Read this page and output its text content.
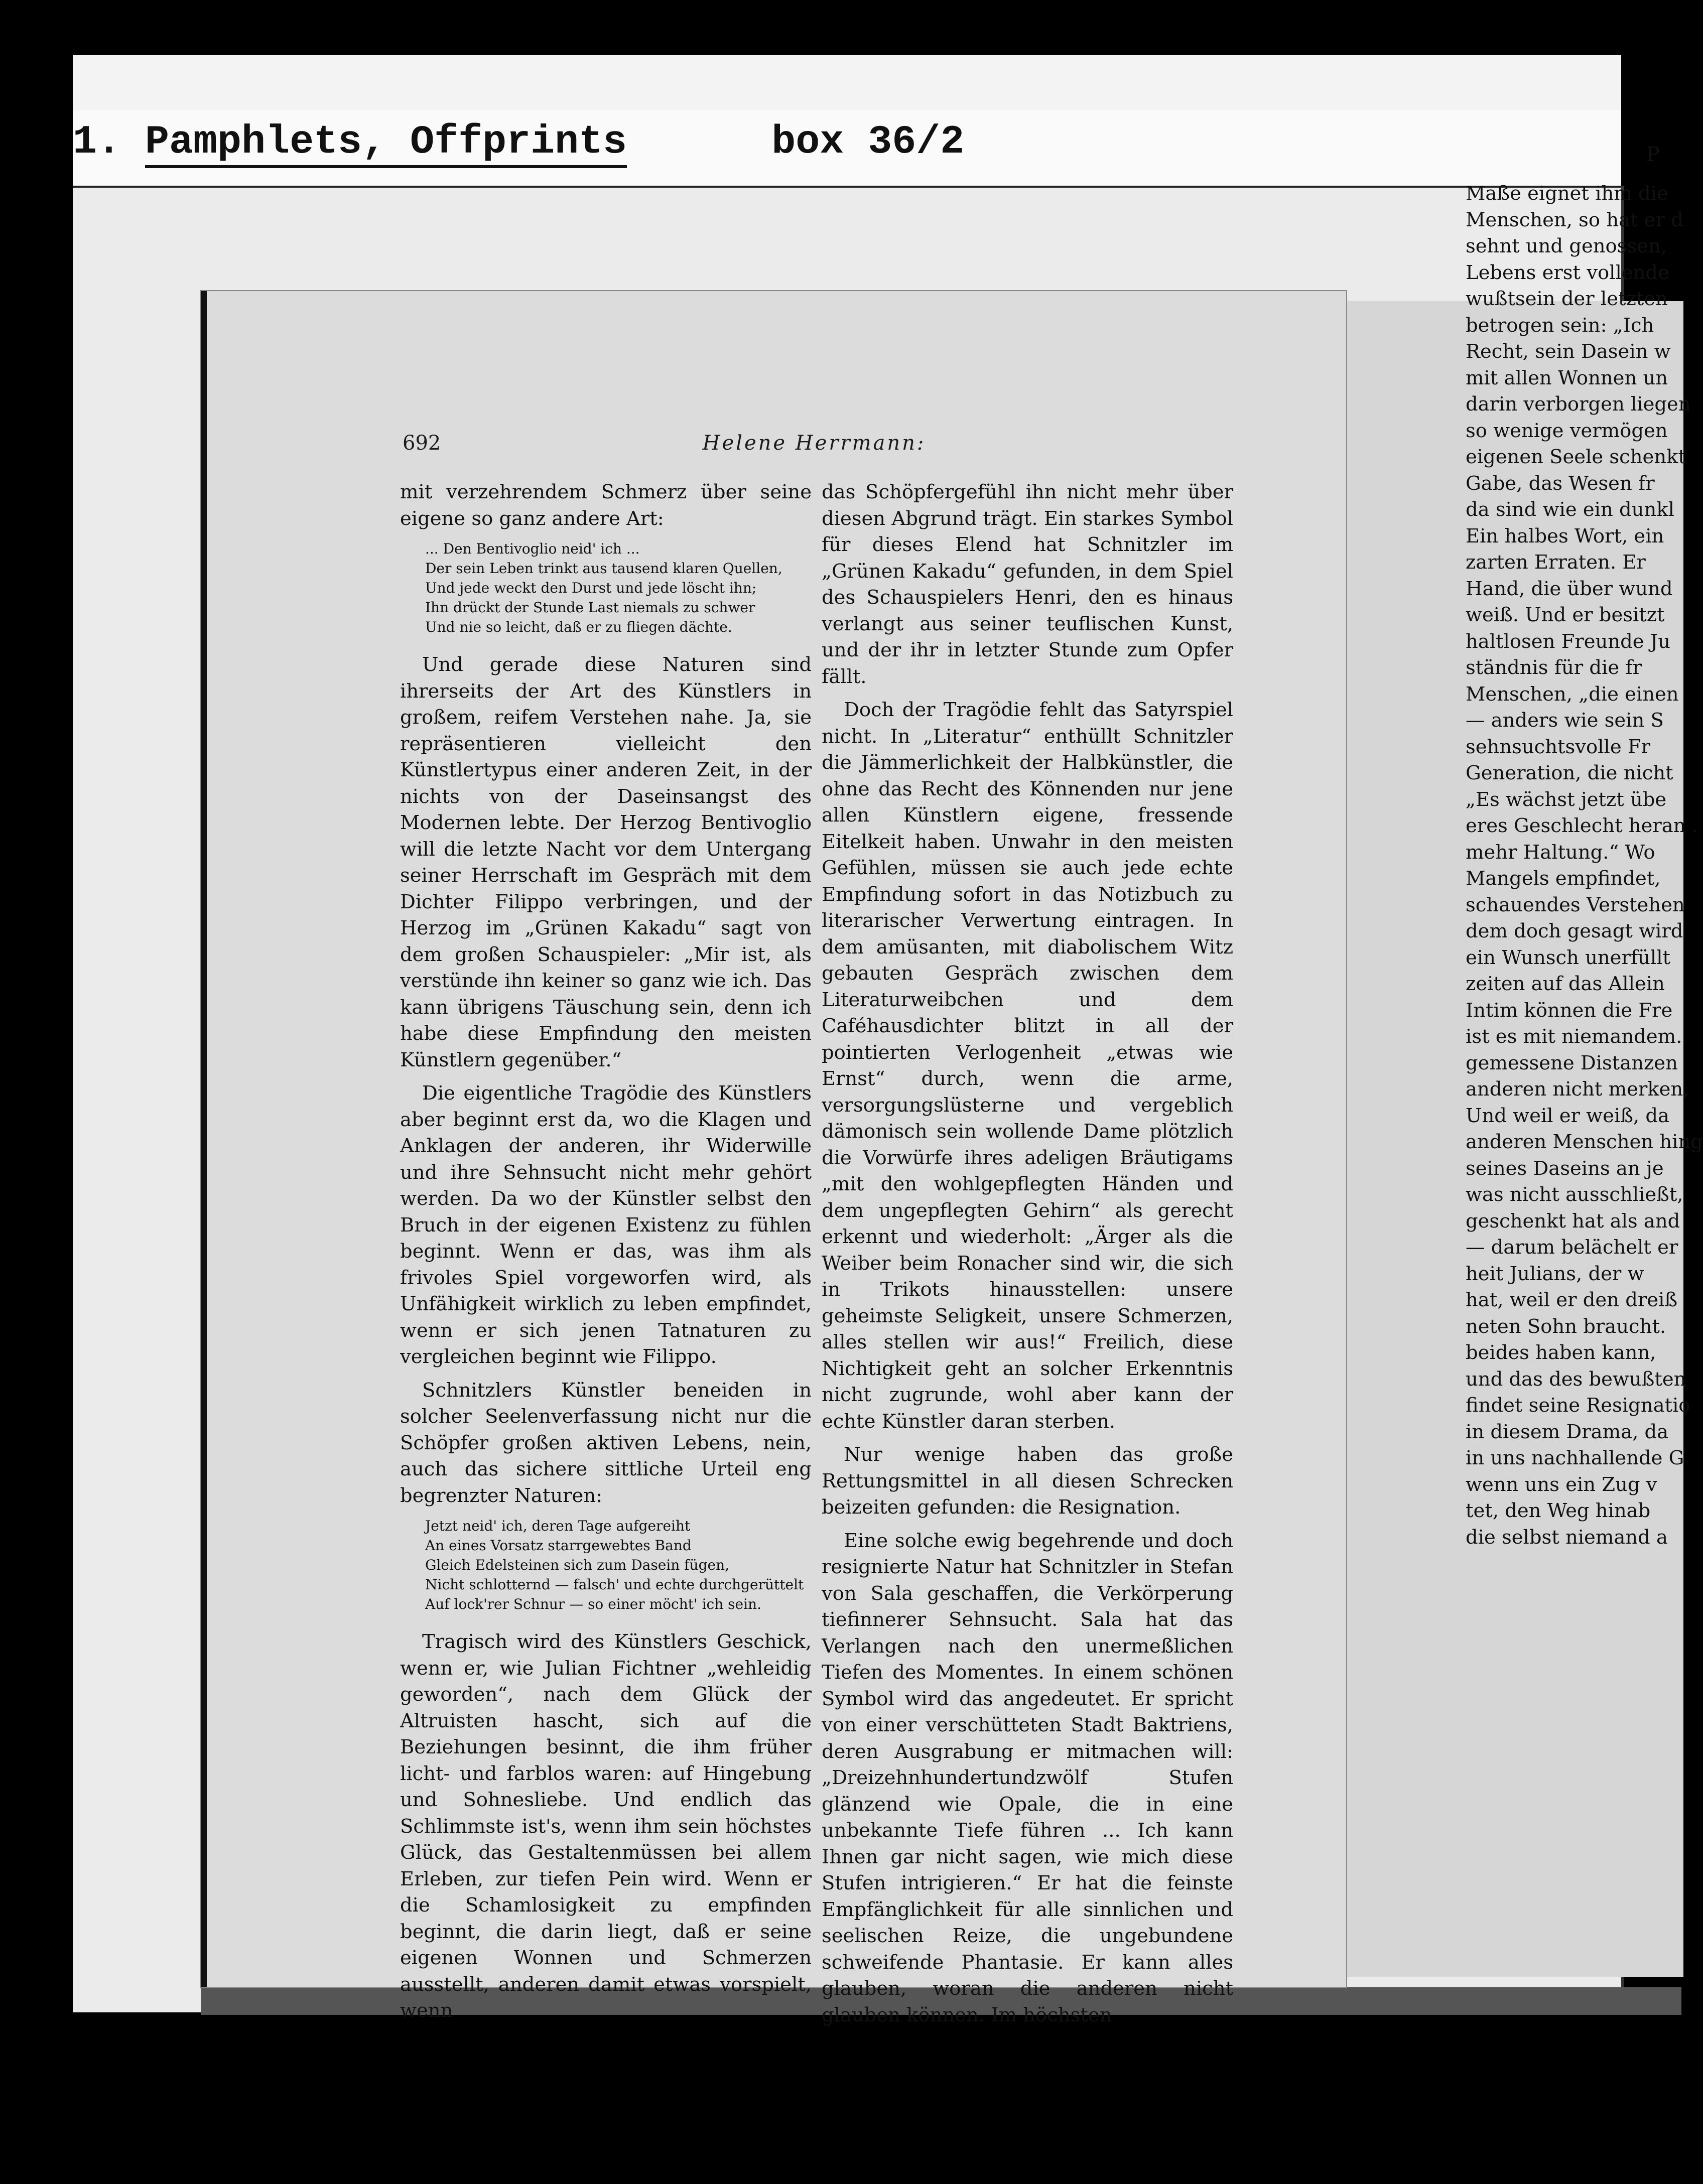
1. Pamphlets, Offprints	box 36/2
692	Helene Herrmann:

mit verzehrendem Schmerz über seine eigene so ganz andere Art:

... Den Bentivoglio neid' ich ...
Der sein Leben trinkt aus tausend klaren Quellen,
Und jede weckt den Durst und jede löscht ihn;
Ihn drückt der Stunde Last niemals zu schwer
Und nie so leicht, daß er zu fliegen dächte.

Und gerade diese Naturen sind ihrerseits der Art des Künstlers in großem, reifem Verstehen nahe. Ja, sie repräsentieren vielleicht den Künstlertypus einer anderen Zeit, in der nichts von der Daseinsangst des Modernen lebte. Der Herzog Bentivoglio will die letzte Nacht vor dem Untergang seiner Herrschaft im Gespräch mit dem Dichter Filippo verbringen, und der Herzog im „Grünen Kakadu“ sagt von dem großen Schauspieler: „Mir ist, als verstünde ihn keiner so ganz wie ich. Das kann übrigens Täuschung sein, denn ich habe diese Empfindung den meisten Künstlern gegenüber.“

Die eigentliche Tragödie des Künstlers aber beginnt erst da, wo die Klagen und Anklagen der anderen, ihr Widerwille und ihre Sehnsucht nicht mehr gehört werden. Da wo der Künstler selbst den Bruch in der eigenen Existenz zu fühlen beginnt. Wenn er das, was ihm als frivoles Spiel vorgeworfen wird, als Unfähigkeit wirklich zu leben empfindet, wenn er sich jenen Tatnaturen zu vergleichen beginnt wie Filippo.

Schnitzlers Künstler beneiden in solcher Seelenverfassung nicht nur die Schöpfer großen aktiven Lebens, nein, auch das sichere sittliche Urteil eng begrenzter Naturen:

Jetzt neid' ich, deren Tage aufgereiht
An eines Vorsatz starrgewebtes Band
Gleich Edelsteinen sich zum Dasein fügen,
Nicht schlotternd — falsch' und echte durchgerüttelt
Auf lock'rer Schnur — so einer möcht' ich sein.

Tragisch wird des Künstlers Geschick, wenn er, wie Julian Fichtner „wehleidig geworden“, nach dem Glück der Altruisten hascht, sich auf die Beziehungen besinnt, die ihm früher licht- und farblos waren: auf Hingebung und Sohnesliebe. Und endlich das Schlimmste ist's, wenn ihm sein höchstes Glück, das Gestaltenmüssen bei allem Erleben, zur tiefen Pein wird. Wenn er die Schamlosigkeit zu empfinden beginnt, die darin liegt, daß er seine eigenen Wonnen und Schmerzen ausstellt, anderen damit etwas vorspielt, wenn

das Schöpfergefühl ihn nicht mehr über diesen Abgrund trägt. Ein starkes Symbol für dieses Elend hat Schnitzler im „Grünen Kakadu“ gefunden, in dem Spiel des Schauspielers Henri, den es hinaus verlangt aus seiner teuflischen Kunst, und der ihr in letzter Stunde zum Opfer fällt.

Doch der Tragödie fehlt das Satyrspiel nicht. In „Literatur“ enthüllt Schnitzler die Jämmerlichkeit der Halbkünstler, die ohne das Recht des Könnenden nur jene allen Künstlern eigene, fressende Eitelkeit haben. Unwahr in den meisten Gefühlen, müssen sie auch jede echte Empfindung sofort in das Notizbuch zu literarischer Verwertung eintragen. In dem amüsanten, mit diabolischem Witz gebauten Gespräch zwischen dem Literaturweibchen und dem Caféhausdichter blitzt in all der pointierten Verlogenheit „etwas wie Ernst“ durch, wenn die arme, versorgungslüsterne und vergeblich dämonisch sein wollende Dame plötzlich die Vorwürfe ihres adeligen Bräutigams „mit den wohlgepflegten Händen und dem ungepflegten Gehirn“ als gerecht erkennt und wiederholt: „Ärger als die Weiber beim Ronacher sind wir, die sich in Trikots hinausstellen: unsere geheimste Seligkeit, unsere Schmerzen, alles stellen wir aus!“ Freilich, diese Nichtigkeit geht an solcher Erkenntnis nicht zugrunde, wohl aber kann der echte Künstler daran sterben.

Nur wenige haben das große Rettungsmittel in all diesen Schrecken beizeiten gefunden: die Resignation.

Eine solche ewig begehrende und doch resignierte Natur hat Schnitzler in Stefan von Sala geschaffen, die Verkörperung tiefinnerer Sehnsucht. Sala hat das Verlangen nach den unermeßlichen Tiefen des Momentes. In einem schönen Symbol wird das angedeutet. Er spricht von einer verschütteten Stadt Baktriens, deren Ausgrabung er mitmachen will: „Dreizehnhundertundzwölf Stufen glänzend wie Opale, die in eine unbekannte Tiefe führen ... Ich kann Ihnen gar nicht sagen, wie mich diese Stufen intrigieren.“ Er hat die feinste Empfänglichkeit für alle sinnlichen und seelischen Reize, die ungebundene schweifende Phantasie. Er kann alles glauben, woran die anderen nicht glauben können. Im höchsten

P
Maße eignet ihm die
Menschen, so hat er d
sehnt und genossen,
Lebens erst vollende
wußtsein der letzten
betrogen sein: „Ich
Recht, sein Dasein w
mit allen Wonnen un
darin verborgen liegen
so wenige vermögen
eigenen Seele schenkt
Gabe, das Wesen fr
da sind wie ein dunkl
Ein halbes Wort, ein
zarten Erraten. Er
Hand, die über wund
weiß. Und er besitzt
haltlosen Freunde Ju
ständnis für die fr
Menschen, „die einen
— anders wie sein S
sehnsuchtsvolle Fr
Generation, die nicht
„Es wächst jetzt übe
eres Geschlecht heran .
mehr Haltung.“ Wo
Mangels empfindet,
schauendes Verstehen
dem doch gesagt wird
ein Wunsch unerfüllt
zeiten auf das Allein
Intim können die Fre
ist es mit niemandem.
gemessene Distanzen
anderen nicht merken,
Und weil er weiß, da
anderen Menschen hing
seines Daseins an je
was nicht ausschließt,
geschenkt hat als and
— darum belächelt er
heit Julians, der w
hat, weil er den dreiß
neten Sohn braucht.
beides haben kann,
und das des bewußten
findet seine Resignatio
in diesem Drama, da
in uns nachhallende G
wenn uns ein Zug v
tet, den Weg hinab
die selbst niemand a
